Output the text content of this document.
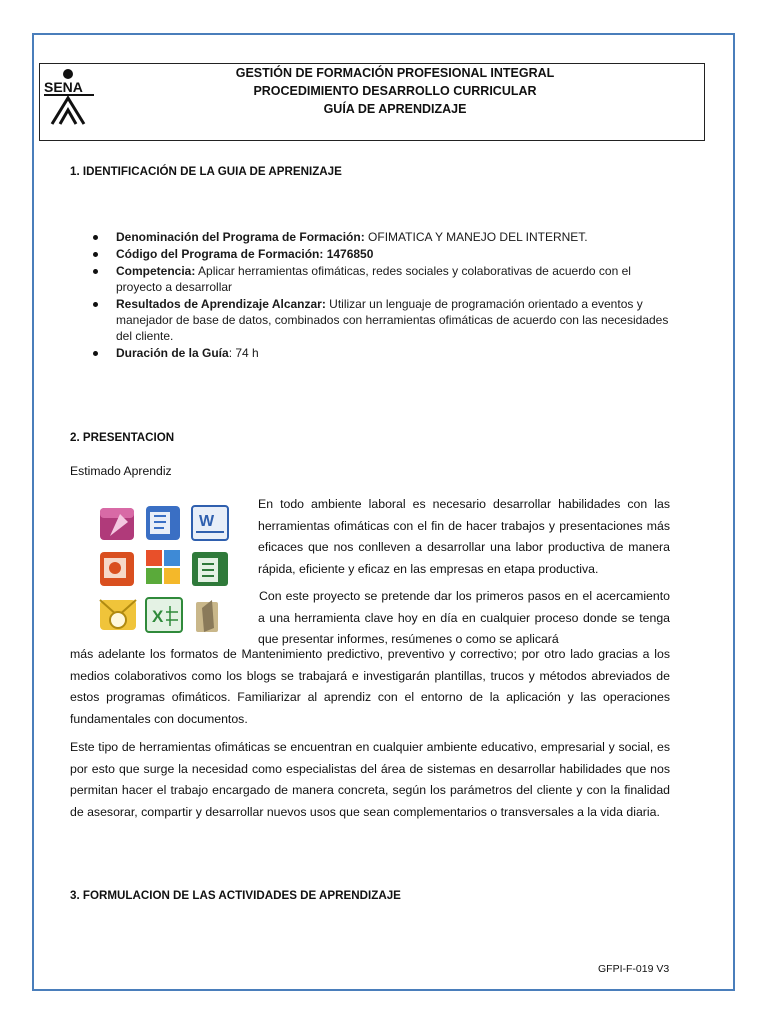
SENA
GESTIÓN DE FORMACIÓN PROFESIONAL INTEGRAL
PROCEDIMIENTO DESARROLLO CURRICULAR
GUÍA DE APRENDIZAJE
1. IDENTIFICACIÓN DE LA GUIA DE APRENIZAJE
Denominación del Programa de Formación: OFIMATICA Y MANEJO DEL INTERNET.
Código del Programa de Formación: 1476850
Competencia: Aplicar herramientas ofimáticas, redes sociales y colaborativas de acuerdo con el proyecto a desarrollar
Resultados de Aprendizaje Alcanzar: Utilizar un lenguaje de programación orientado a eventos y manejador de base de datos, combinados con herramientas ofimáticas de acuerdo con las necesidades del cliente.
Duración de la Guía: 74 h
2. PRESENTACION
Estimado Aprendiz
W
X

En todo ambiente laboral es necesario desarrollar habilidades con las herramientas ofimáticas con el fin de hacer trabajos y presentaciones más eficaces que nos conlleven a desarrollar una labor productiva de manera rápida, eficiente y eficaz en las empresas en etapa productiva.

Con este proyecto se pretende dar los primeros pasos en el acercamiento a una herramienta clave hoy en día en cualquier proceso donde se tenga que presentar informes, resúmenes o como se aplicará

más adelante los formatos de Mantenimiento predictivo, preventivo y correctivo; por otro lado gracias a los medios colaborativos como los blogs se trabajará e investigarán plantillas, trucos y métodos abreviados de estos programas ofimáticos. Familiarizar al aprendiz con el entorno de la aplicación y las operaciones fundamentales con documentos.

Este tipo de herramientas ofimáticas se encuentran en cualquier ambiente educativo, empresarial y social, es por esto que surge la necesidad como especialistas del área de sistemas en desarrollar habilidades que nos permitan hacer el trabajo encargado de manera concreta, según los parámetros del cliente y con la finalidad de asesorar, compartir y desarrollar nuevos usos que sean complementarios o transversales a la vida diaria.

3. FORMULACION DE LAS ACTIVIDADES DE APRENDIZAJE
GFPI-F-019 V3
